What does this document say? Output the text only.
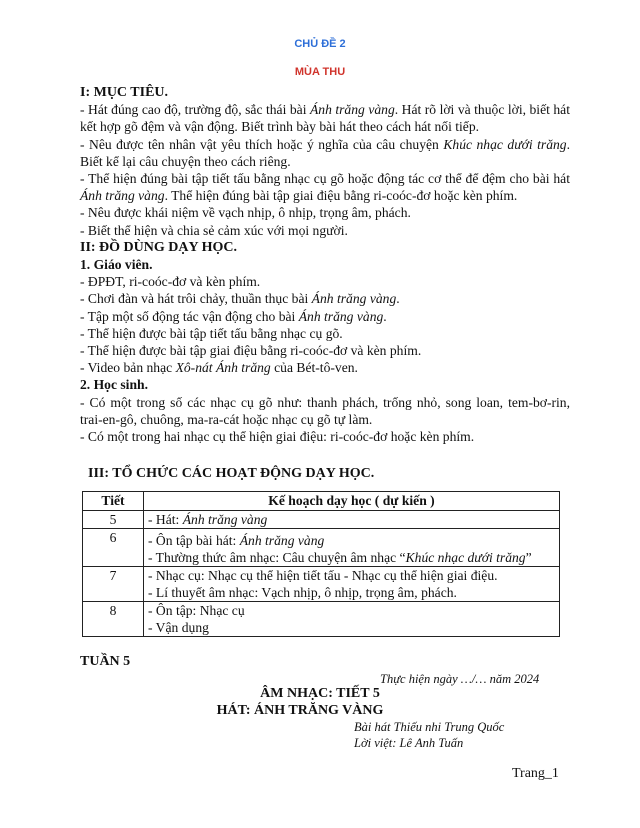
CHỦ ĐỀ 2
MÙA THU

I: MỤC TIÊU.

- Hát đúng cao độ, trường độ, sắc thái bài Ánh trăng vàng. Hát rõ lời và thuộc lời, biết hát kết hợp gõ đệm và vận động. Biết trình bày bài hát theo cách hát nối tiếp.

- Nêu được tên nhân vật yêu thích hoặc ý nghĩa của câu chuyện Khúc nhạc dưới trăng. Biết kể lại câu chuyện theo cách riêng.

- Thể hiện đúng bài tập tiết tấu bằng nhạc cụ gõ hoặc động tác cơ thể để đệm cho bài hát Ánh trăng vàng. Thể hiện đúng bài tập giai điệu bằng ri-coóc-đơ hoặc kèn phím.

- Nêu được khái niệm về vạch nhịp, ô nhịp, trọng âm, phách.

- Biết thể hiện và chia sẻ cảm xúc với mọi người.

II: ĐỒ DÙNG DẠY HỌC.

1. Giáo viên.

- ĐPĐT, ri-coóc-đơ và kèn phím.

- Chơi đàn và hát trôi chảy, thuần thục bài Ánh trăng vàng.

- Tập một số động tác vận động cho bài Ánh trăng vàng.

- Thể hiện được bài tập tiết tấu bằng nhạc cụ gõ.

- Thể hiện được bài tập giai điệu bằng ri-coóc-đơ và kèn phím.

- Video bản nhạc Xô-nát Ánh trăng của Bét-tô-ven.

2. Học sinh.

- Có một trong số các nhạc cụ gõ như: thanh phách, trống nhỏ, song loan, tem-bơ-rin, trai-en-gô, chuông, ma-ra-cát hoặc nhạc cụ gõ tự làm.

- Có một trong hai nhạc cụ thể hiện giai điệu: ri-coóc-đơ hoặc kèn phím.

III: TỔ CHỨC CÁC HOẠT ĐỘNG DẠY HỌC.
Tiết	Kế hoạch dạy học ( dự kiến )
5	- Hát: Ánh trăng vàng

6	- Ôn tập bài hát: Ánh trăng vàng

- Thường thức âm nhạc: Câu chuyện âm nhạc “Khúc nhạc dưới trăng”

7	- Nhạc cụ: Nhạc cụ thể hiện tiết tấu - Nhạc cụ thể hiện giai điệu.

- Lí thuyết âm nhạc: Vạch nhịp, ô nhịp, trọng âm, phách.

8	- Ôn tập: Nhạc cụ

- Vận dụng

TUẦN 5
Thực hiện ngày …/… năm 2024
ÂM NHẠC: TIẾT 5
HÁT: ÁNH TRĂNG VÀNG
Bài hát Thiếu nhi Trung Quốc
Lời việt: Lê Anh Tuấn
Trang_1
